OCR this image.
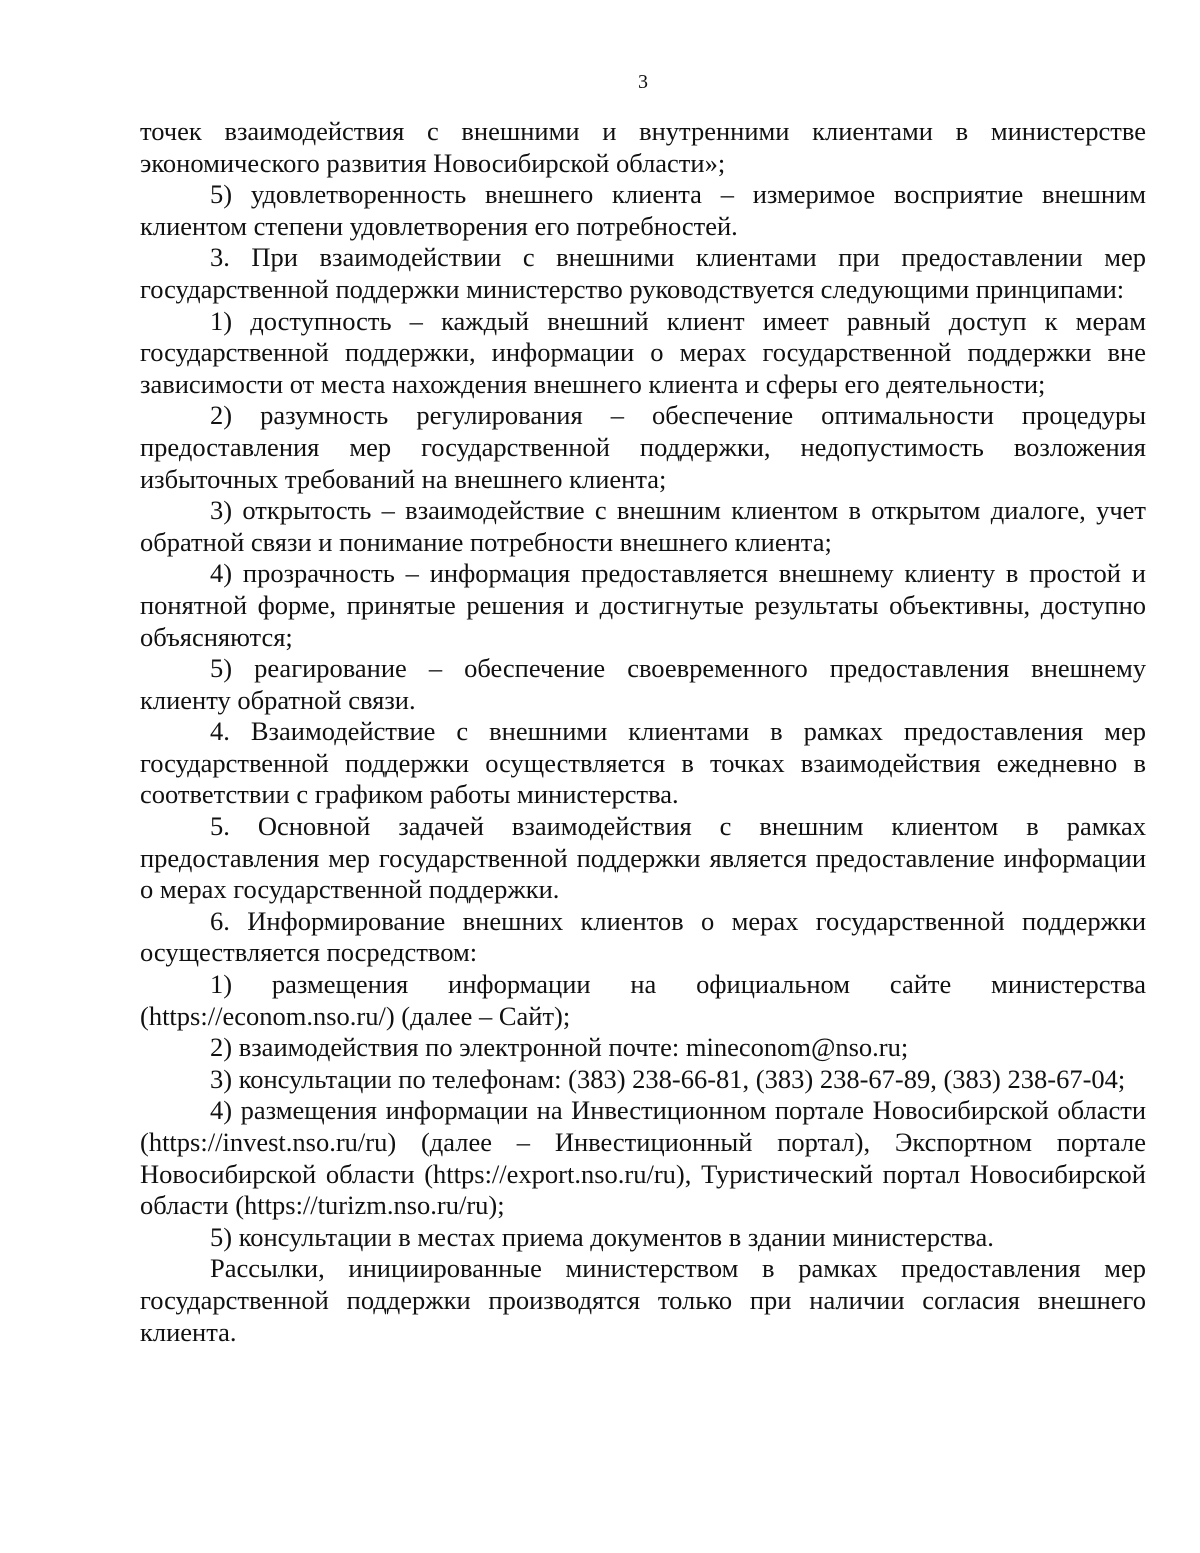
3

точек взаимодействия с внешними и внутренними клиентами в министерстве экономического развития Новосибирской области»;

5) удовлетворенность внешнего клиента – измеримое восприятие внешним клиентом степени удовлетворения его потребностей.

3. При взаимодействии с внешними клиентами при предоставлении мер государственной поддержки министерство руководствуется следующими принципами:

1) доступность – каждый внешний клиент имеет равный доступ к мерам государственной поддержки, информации о мерах государственной поддержки вне зависимости от места нахождения внешнего клиента и сферы его деятельности;

2) разумность регулирования – обеспечение оптимальности процедуры предоставления мер государственной поддержки, недопустимость возложения избыточных требований на внешнего клиента;

3) открытость – взаимодействие с внешним клиентом в открытом диалоге, учет обратной связи и понимание потребности внешнего клиента;

4) прозрачность – информация предоставляется внешнему клиенту в простой и понятной форме, принятые решения и достигнутые результаты объективны, доступно объясняются;

5) реагирование – обеспечение своевременного предоставления внешнему клиенту обратной связи.

4. Взаимодействие с внешними клиентами в рамках предоставления мер государственной поддержки осуществляется в точках взаимодействия ежедневно в соответствии с графиком работы министерства.

5. Основной задачей взаимодействия с внешним клиентом в рамках предоставления мер государственной поддержки является предоставление информации о мерах государственной поддержки.

6. Информирование внешних клиентов о мерах государственной поддержки осуществляется посредством:

1) размещения информации на официальном сайте министерства (https://econom.nso.ru/) (далее – Сайт);

2) взаимодействия по электронной почте: mineconom@nso.ru;

3) консультации по телефонам: (383) 238-66-81, (383) 238-67-89, (383) 238-67-04;

4) размещения информации на Инвестиционном портале Новосибирской области (https://invest.nso.ru/ru) (далее – Инвестиционный портал), Экспортном портале Новосибирской области (https://export.nso.ru/ru), Туристический портал Новосибирской области (https://turizm.nso.ru/ru);

5) консультации в местах приема документов в здании министерства.

Рассылки, инициированные министерством в рамках предоставления мер государственной поддержки производятся только при наличии согласия внешнего клиента.
